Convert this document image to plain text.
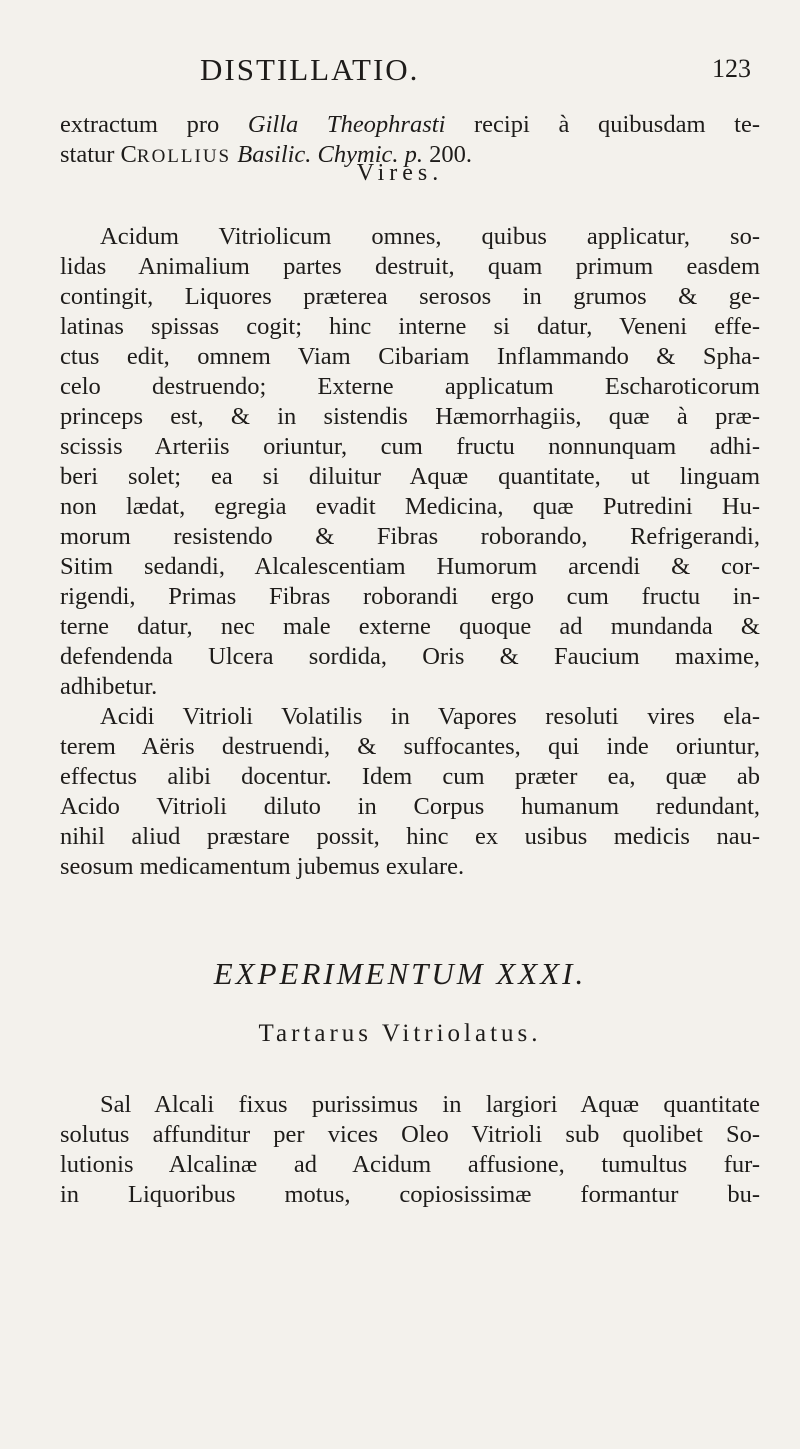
DISTILLATIO.	123
extractum pro Gilla Theophrasti recipi à quibusdam te-
statur CROLLIUS Basilic. Chymic. p. 200.
Vires.
Acidum Vitriolicum omnes, quibus applicatur, so-
lidas Animalium partes destruit, quam primum easdem
contingit, Liquores præterea serosos in grumos & ge-
latinas spissas cogit; hinc interne si datur, Veneni effe-
ctus edit, omnem Viam Cibariam Inflammando & Spha-
celo destruendo; Externe applicatum Escharoticorum
princeps est, & in sistendis Hæmorrhagiis, quæ à præ-
scissis Arteriis oriuntur, cum fructu nonnunquam adhi-
beri solet; ea si diluitur Aquæ quantitate, ut linguam
non lædat, egregia evadit Medicina, quæ Putredini Hu-
morum resistendo & Fibras roborando, Refrigerandi,
Sitim sedandi, Alcalescentiam Humorum arcendi & cor-
rigendi, Primas Fibras roborandi ergo cum fructu in-
terne datur, nec male externe quoque ad mundanda &
defendenda Ulcera sordida, Oris & Faucium maxime,
adhibetur.
Acidi Vitrioli Volatilis in Vapores resoluti vires ela-
terem Aëris destruendi, & suffocantes, qui inde oriuntur,
effectus alibi docentur. Idem cum præter ea, quæ ab
Acido Vitrioli diluto in Corpus humanum redundant,
nihil aliud præstare possit, hinc ex usibus medicis nau-
seosum medicamentum jubemus exulare.
EXPERIMENTUM XXXI.
Tartarus Vitriolatus.
Sal Alcali fixus purissimus in largiori Aquæ quantitate
solutus affunditur per vices Oleo Vitrioli sub quolibet So-
lutionis Alcalinæ ad Acidum affusione, tumultus fur-
in Liquoribus motus, copiosissimæ formantur bu-
